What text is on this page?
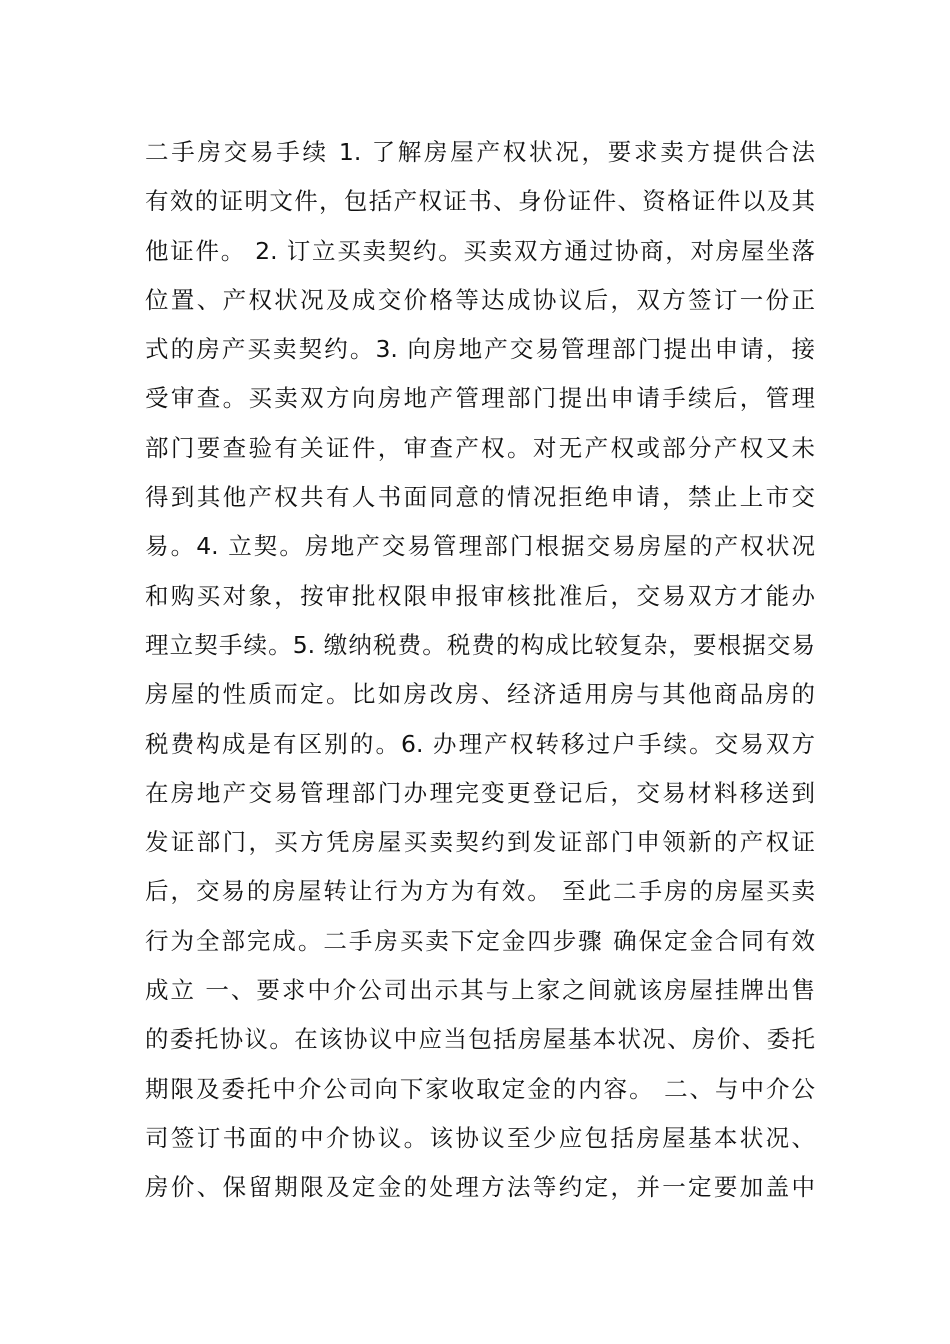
二手房交易手续 1. 了解房屋产权状况，要求卖方提供合法
有效的证明文件，包括产权证书、身份证件、资格证件以及其
他证件。 2. 订立买卖契约。买卖双方通过协商，对房屋坐落
位置、产权状况及成交价格等达成协议后，双方签订一份正
式的房产买卖契约。3. 向房地产交易管理部门提出申请，接
受审查。买卖双方向房地产管理部门提出申请手续后，管理
部门要查验有关证件，审查产权。对无产权或部分产权又未
得到其他产权共有人书面同意的情况拒绝申请，禁止上市交
易。4. 立契。房地产交易管理部门根据交易房屋的产权状况
和购买对象，按审批权限申报审核批准后，交易双方才能办
理立契手续。5. 缴纳税费。税费的构成比较复杂，要根据交易
房屋的性质而定。比如房改房、经济适用房与其他商品房的
税费构成是有区别的。6. 办理产权转移过户手续。交易双方
在房地产交易管理部门办理完变更登记后，交易材料移送到
发证部门，买方凭房屋买卖契约到发证部门申领新的产权证
后，交易的房屋转让行为方为有效。 至此二手房的房屋买卖
行为全部完成。二手房买卖下定金四步骤 确保定金合同有效
成立 一、要求中介公司出示其与上家之间就该房屋挂牌出售
的委托协议。在该协议中应当包括房屋基本状况、房价、委托
期限及委托中介公司向下家收取定金的内容。 二、与中介公
司签订书面的中介协议。该协议至少应包括房屋基本状况、
房价、保留期限及定金的处理方法等约定，并一定要加盖中
